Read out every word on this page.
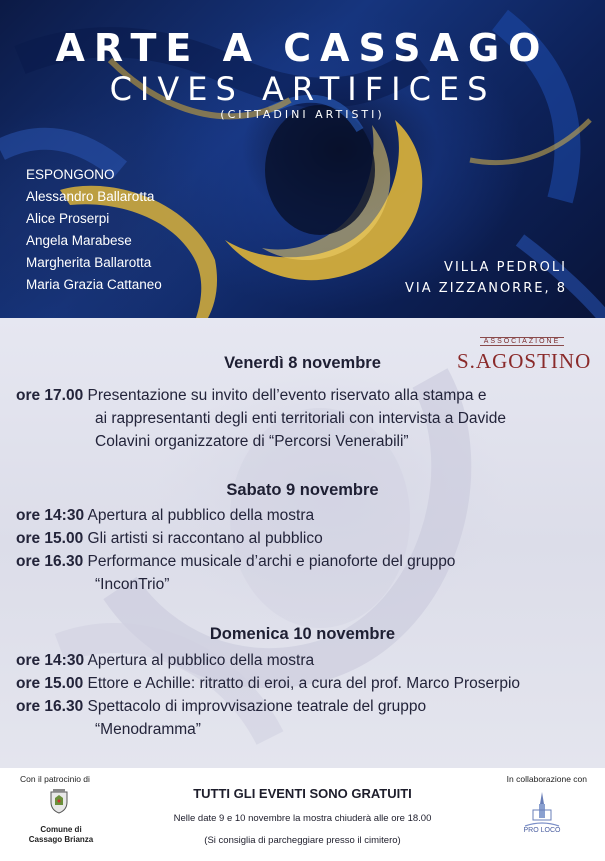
ARTE A CASSAGO
CIVES ARTIFICES
(CITTADINI ARTISTI)
ESPONGONO
Alessandro Ballarotta
Alice Proserpi
Angela Marabese
Margherita Ballarotta
Maria Grazia Cattaneo
VILLA PEDROLI
VIA ZIZZANORRE, 8
ASSOCIAZIONE
S.AGOSTINO
Venerdì 8 novembre
ore 17.00 Presentazione su invito dell’evento riservato alla stampa e
ai rappresentanti degli enti territoriali con intervista a Davide
Colavini organizzatore di “Percorsi Venerabili”
Sabato 9 novembre
ore 14:30 Apertura al pubblico della mostra
ore 15.00 Gli artisti si raccontano al pubblico
ore 16.30 Performance musicale d’archi e pianoforte del gruppo
“InconTrio”
Domenica 10 novembre
ore 14:30 Apertura al pubblico della mostra
ore 15.00 Ettore e Achille: ritratto di eroi, a cura del prof. Marco Proserpio
ore 16.30 Spettacolo di improvvisazione teatrale del gruppo
“Menodramma”
Con il patrocinio di
Comune di
Cassago Brianza
TUTTI GLI EVENTI SONO GRATUITI
Nelle date 9 e 10 novembre la mostra chiuderà alle ore 18.00
(Si consiglia di parcheggiare presso il cimitero)
In collaborazione con
PRO LOCO
